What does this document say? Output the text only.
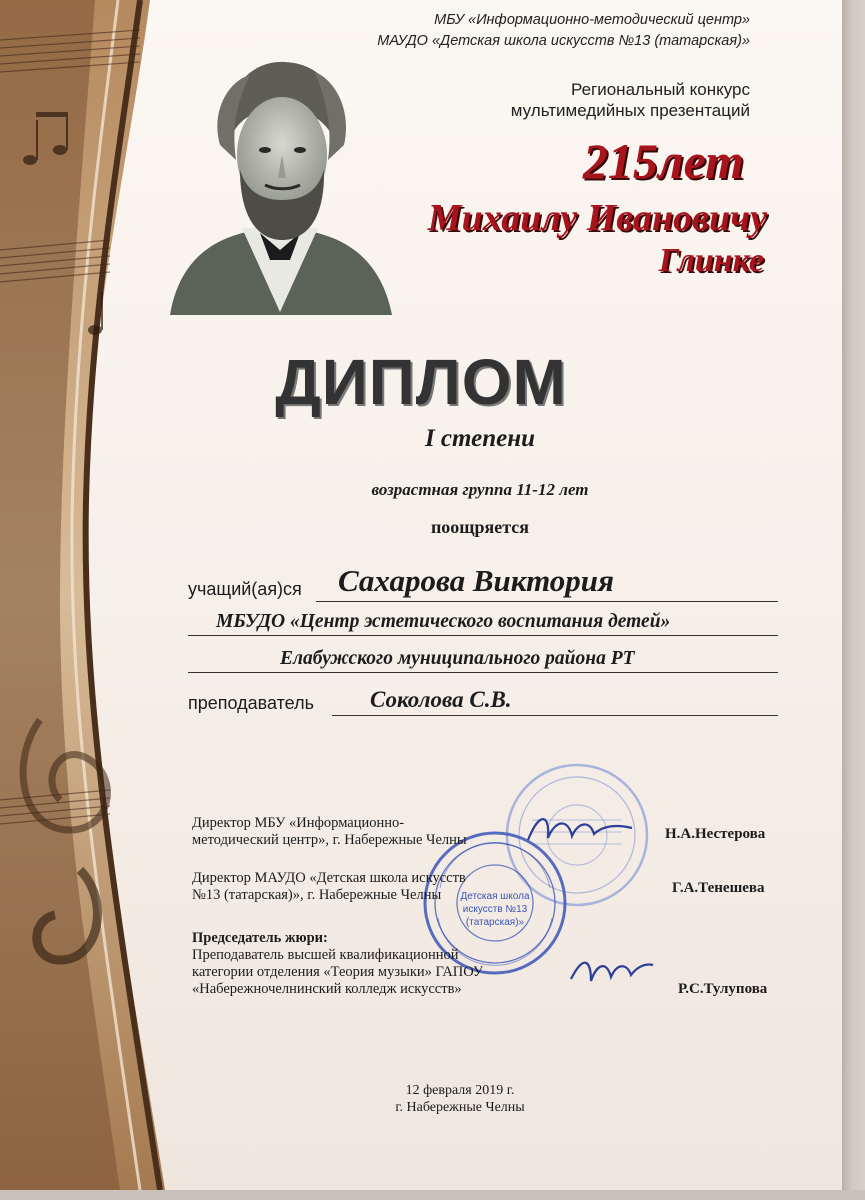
МБУ «Информационно-методический центр»
МАУДО «Детская школа искусств №13 (татарская)»
Региональный конкурс
мультимедийных презентаций
215лет
Михаилу Ивановичу
Глинке
ДИПЛОМ
I степени
возрастная группа 11-12 лет
поощряется
учащий(ая)ся Сахарова Виктория
МБУДО «Центр эстетического воспитания детей»
Елабужского муниципального района РТ
преподаватель Соколова С.В.
Детская школа
искусств №13
(татарская)»
Директор МБУ «Информационно-
методический центр», г. Набережные Челны	Н.А.Нестерова
Директор МАУДО «Детская школа искусств
№13 (татарская)», г. Набережные Челны	Г.А.Тенешева
Председатель жюри:
Преподаватель высшей квалификационной
категории отделения «Теория музыки» ГАПОУ
«Набережночелнинский колледж искусств»	Р.С.Тулупова
12 февраля 2019 г.
г. Набережные Челны
